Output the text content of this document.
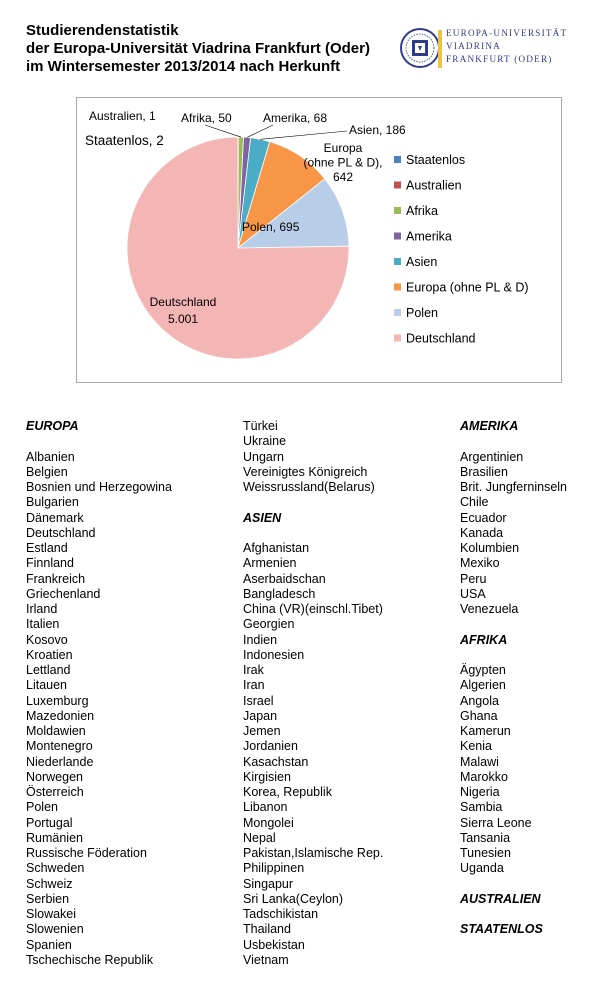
Studierendenstatistik
der Europa-Universität Viadrina Frankfurt (Oder)
im Wintersemester 2013/2014 nach Herkunft
EUROPA-UNIVERSITÄT
VIADRINA
FRANKFURT (ODER)
Staatenlos, 2
Australien, 1 Afrika, 50	Amerika, 68
Asien, 186
Europa (ohne PL & D), 642
Polen, 695
Deutschland 5.001
Staatenlos
Australien
Afrika
Amerika
Asien
Europa (ohne PL & D)
Polen
Deutschland
EUROPA
Albanien
Belgien
Bosnien und Herzegowina
Bulgarien
Dänemark
Deutschland
Estland
Finnland
Frankreich
Griechenland
Irland
Italien
Kosovo
Kroatien
Lettland
Litauen
Luxemburg
Mazedonien
Moldawien
Montenegro
Niederlande
Norwegen
Österreich
Polen
Portugal
Rumänien
Russische Föderation
Schweden
Schweiz
Serbien
Slowakei
Slowenien
Spanien
Tschechische Republik
Türkei
Ukraine
Ungarn
Vereinigtes Königreich
Weissrussland(Belarus)
ASIEN
Afghanistan
Armenien
Aserbaidschan
Bangladesch
China (VR)(einschl.Tibet)
Georgien
Indien
Indonesien
Irak
Iran
Israel
Japan
Jemen
Jordanien
Kasachstan
Kirgisien
Korea, Republik
Libanon
Mongolei
Nepal
Pakistan,Islamische Rep.
Philippinen
Singapur
Sri Lanka(Ceylon)
Tadschikistan
Thailand
Usbekistan
Vietnam
AMERIKA
Argentinien
Brasilien
Brit. Jungferninseln
Chile
Ecuador
Kanada
Kolumbien
Mexiko
Peru
USA
Venezuela
AFRIKA
Ägypten
Algerien
Angola
Ghana
Kamerun
Kenia
Malawi
Marokko
Nigeria
Sambia
Sierra Leone
Tansania
Tunesien
Uganda
AUSTRALIEN
STAATENLOS
